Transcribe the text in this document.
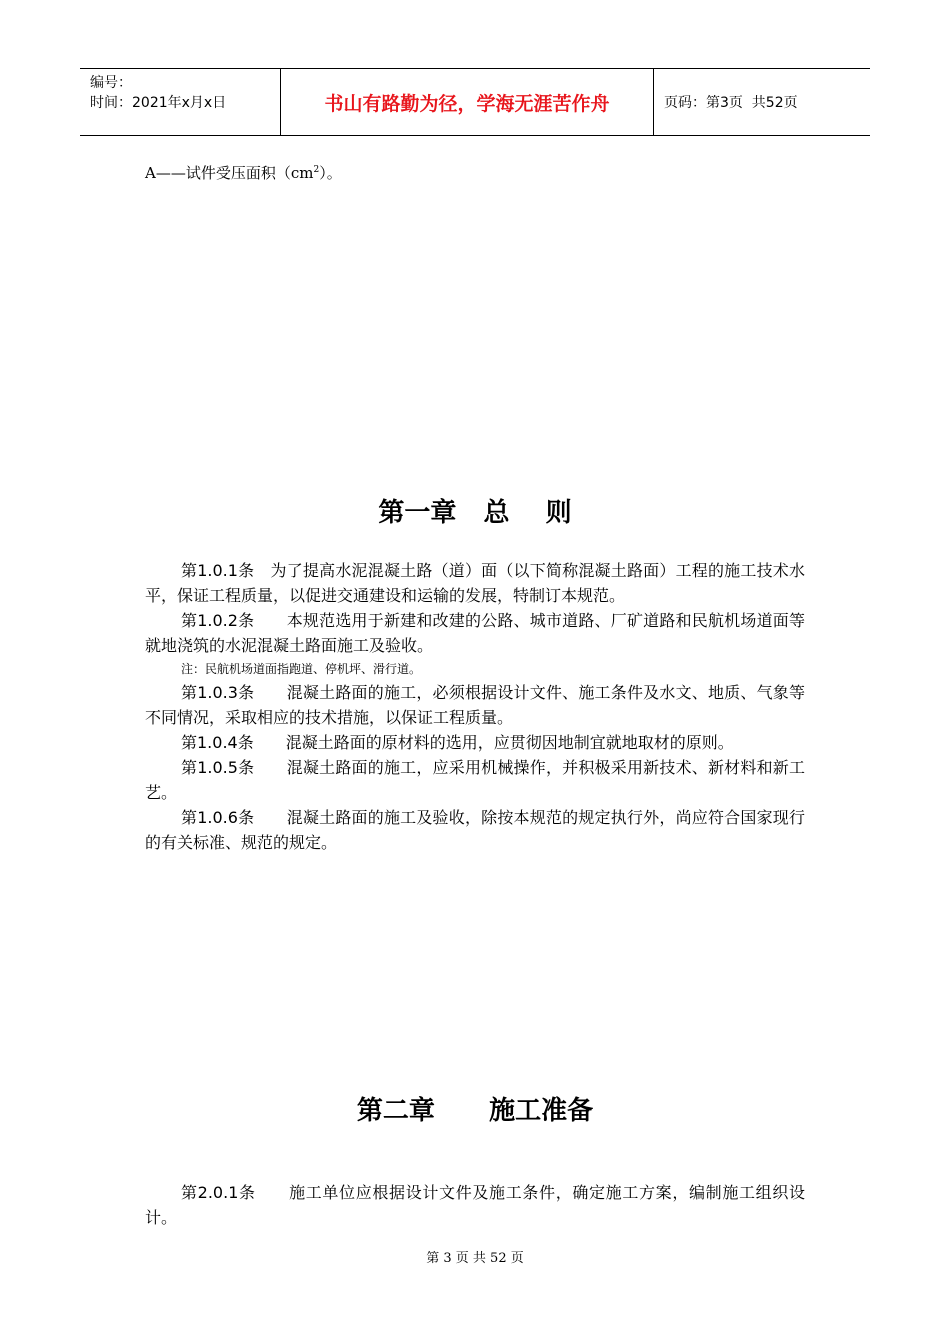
编号：
时间：2021年x月x日	书山有路勤为径，学海无涯苦作舟	页码：第3页  共52页
A——试件受压面积$(cm^2)$。
第一章   总    则

第1.0.1条　 为了提高水泥混凝土路（道）面（以下简称混凝土路面）工程的施工技术水平，保证工程质量，以促进交通建设和运输的发展，特制订本规范。

第1.0.2条　　 本规范选用于新建和改建的公路、城市道路、厂矿道路和民航机场道面等就地浇筑的水泥混凝土路面施工及验收。

注：民航机场道面指跑道、停机坪、滑行道。

第1.0.3条　　 混凝土路面的施工，必须根据设计文件、施工条件及水文、地质、气象等不同情况，采取相应的技术措施，以保证工程质量。

第1.0.4条　　 混凝土路面的原材料的选用，应贯彻因地制宜就地取材的原则。

第1.0.5条　　 混凝土路面的施工，应采用机械操作，并积极采用新技术、新材料和新工艺。

第1.0.6条　　 混凝土路面的施工及验收，除按本规范的规定执行外，尚应符合国家现行的有关标准、规范的规定。

第二章      施工准备

第2.0.1条　　 施工单位应根据设计文件及施工条件，确定施工方案，编制施工组织设计。

第 3 页 共 52 页
